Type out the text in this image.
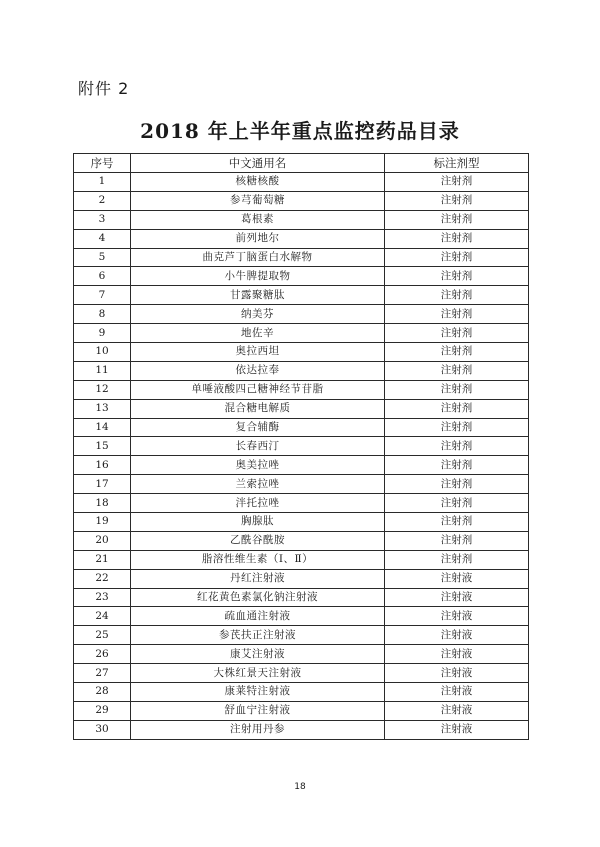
附件 2
2018 年上半年重点监控药品目录
序号	中文通用名	标注剂型
1	核糖核酸	注射剂
2	参芎葡萄糖	注射剂
3	葛根素	注射剂
4	前列地尔	注射剂
5	曲克芦丁脑蛋白水解物	注射剂
6	小牛脾提取物	注射剂
7	甘露聚糖肽	注射剂
8	纳美芬	注射剂
9	地佐辛	注射剂
10	奥拉西坦	注射剂
11	依达拉奉	注射剂
12	单唾液酸四己糖神经节苷脂	注射剂
13	混合糖电解质	注射剂
14	复合辅酶	注射剂
15	长春西汀	注射剂
16	奥美拉唑	注射剂
17	兰索拉唑	注射剂
18	泮托拉唑	注射剂
19	胸腺肽	注射剂
20	乙酰谷酰胺	注射剂
21	脂溶性维生素（Ⅰ、Ⅱ）	注射剂
22	丹红注射液	注射液
23	红花黄色素氯化钠注射液	注射液
24	疏血通注射液	注射液
25	参芪扶正注射液	注射液
26	康艾注射液	注射液
27	大株红景天注射液	注射液
28	康莱特注射液	注射液
29	舒血宁注射液	注射液
30	注射用丹参	注射液
18
